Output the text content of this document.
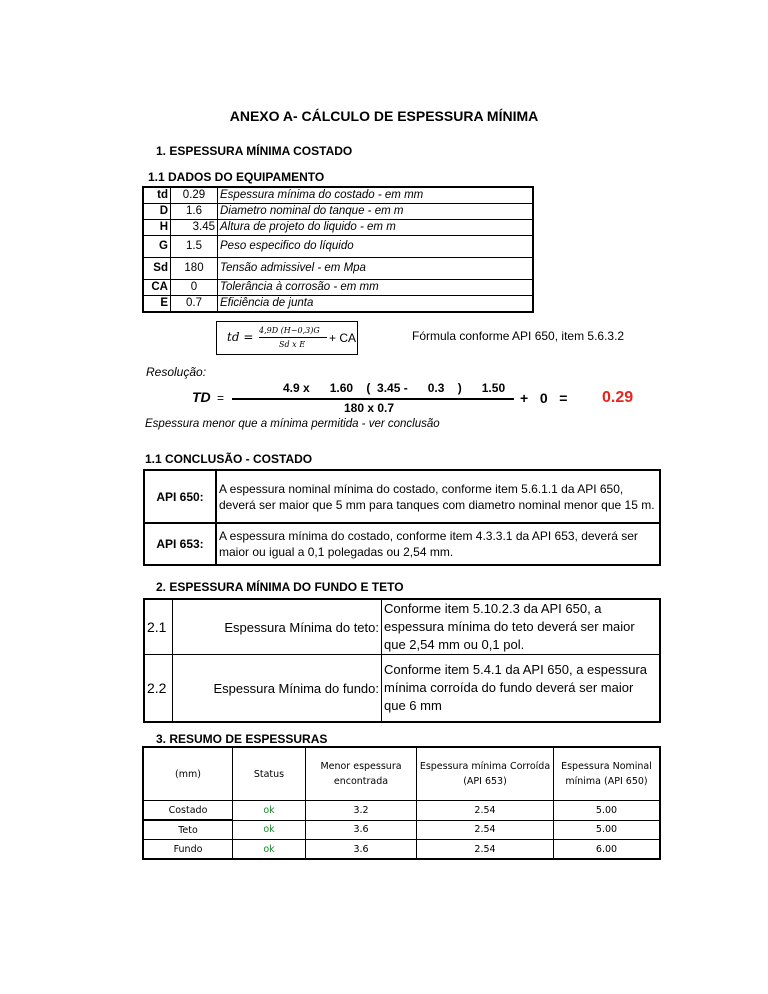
ANEXO A- CÁLCULO DE ESPESSURA MÍNIMA
1. ESPESSURA MÍNIMA COSTADO
1.1 DADOS DO EQUIPAMENTO
td	0.29	Espessura mínima do costado - em mm
D	1.6	Diametro nominal do tanque - em m
H	3.45	Altura de projeto do liquido - em m
G	1.5	Peso especifico do líquido
Sd	180	Tensão admissivel - em Mpa
CA	0	Tolerância à corrosão - em mm
E	0.7	Eficiência de junta
td = 4,9D (H−0,3)G
Sd x E + CA	Fórmula conforme API 650, item 5.6.3.2
Resolução:
TD =
4.9 x      1.60    (  3.45 -      0.3    )      1.50
180 x 0.7
+   0   = 0.29
Espessura menor que a mínima permitida - ver conclusão
1.1 CONCLUSÃO - COSTADO
API 650:	A espessura nominal mínima do costado, conforme item 5.6.1.1 da API 650, deverá ser maior que 5 mm para tanques com diametro nominal menor que 15 m.
API 653:	A espessura mínima do costado, conforme item 4.3.3.1 da API 653, deverá ser maior ou igual a 0,1 polegadas ou 2,54 mm.
2. ESPESSURA MÍNIMA DO FUNDO E TETO
2.1	Espessura Mínima do teto:	Conforme item 5.10.2.3 da API 650, a espessura mínima do teto deverá ser maior que 2,54 mm ou 0,1 pol.
2.2	Espessura Mínima do fundo:	Conforme item 5.4.1 da API 650, a espessura mínima corroída do fundo deverá ser maior que 6 mm
3. RESUMO DE ESPESSURAS
(mm)	Status	Menor espessura encontrada	Espessura mínima Corroída (API 653)	Espessura Nominal mínima (API 650)
Costado	ok	3.2	2.54	5.00
Teto	ok	3.6	2.54	5.00
Fundo	ok	3.6	2.54	6.00
